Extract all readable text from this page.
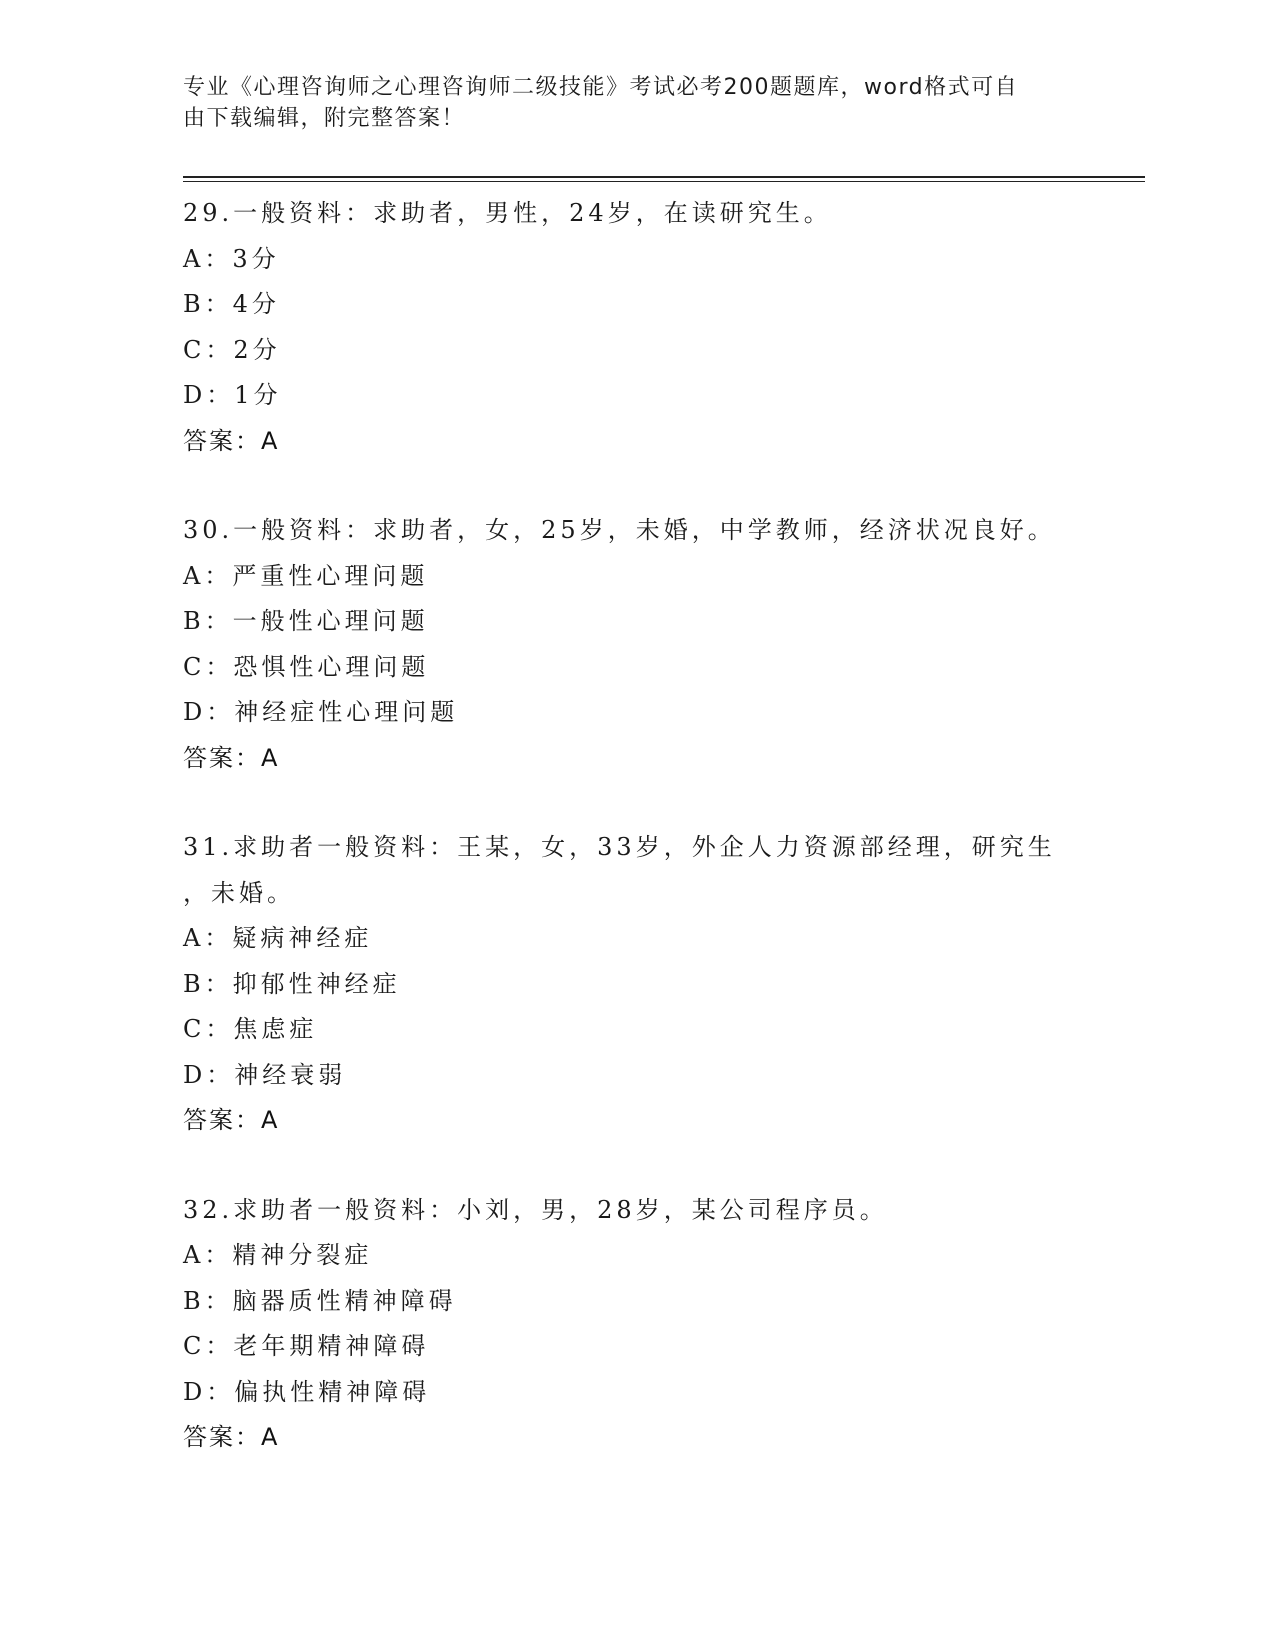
专业《心理咨询师之心理咨询师二级技能》考试必考200题题库，word格式可自
由下载编辑，附完整答案！
29.一般资料：求助者，男性，24岁，在读研究生。
A：3分
B：4分
C：2分
D：1分
答案：A
30.一般资料：求助者，女，25岁，未婚，中学教师，经济状况良好。
A：严重性心理问题
B：一般性心理问题
C：恐惧性心理问题
D：神经症性心理问题
答案：A
31.求助者一般资料：王某，女，33岁，外企人力资源部经理，研究生
，未婚。
A：疑病神经症
B：抑郁性神经症
C：焦虑症
D：神经衰弱
答案：A
32.求助者一般资料：小刘，男，28岁，某公司程序员。
A：精神分裂症
B：脑器质性精神障碍
C：老年期精神障碍
D：偏执性精神障碍
答案：A
